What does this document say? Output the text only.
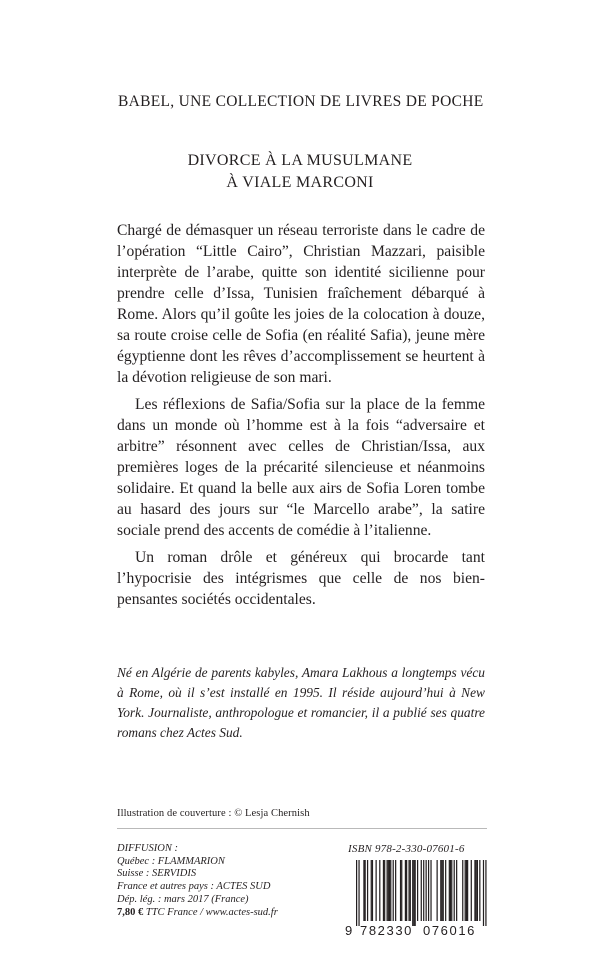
BABEL, UNE COLLECTION DE LIVRES DE POCHE
DIVORCE À LA MUSULMANE
À VIALE MARCONI

Chargé de démasquer un réseau terroriste dans le cadre de l’opération “Little Cairo”, Christian Mazzari, paisible interprète de l’arabe, quitte son identité sicilienne pour prendre celle d’Issa, Tunisien fraîchement débarqué à Rome. Alors qu’il goûte les joies de la colocation à douze, sa route croise celle de Sofia (en réalité Safia), jeune mère égyptienne dont les rêves d’accomplissement se heurtent à la dévotion religieuse de son mari.

Les réflexions de Safia/Sofia sur la place de la femme dans un monde où l’homme est à la fois “adversaire et arbitre” résonnent avec celles de Christian/Issa, aux premières loges de la précarité silencieuse et néanmoins solidaire. Et quand la belle aux airs de Sofia Loren tombe au hasard des jours sur “le Marcello arabe”, la satire sociale prend des accents de comédie à l’italienne.

Un roman drôle et généreux qui brocarde tant l’hypocrisie des intégrismes que celle de nos bien-pensantes sociétés occidentales.

Né en Algérie de parents kabyles, Amara Lakhous a longtemps vécu à Rome, où il s’est installé en 1995. Il réside aujourd’hui à New York. Journaliste, anthropologue et romancier, il a publié ses quatre romans chez Actes Sud.
Illustration de couverture : © Lesja Chernish
DIFFUSION :
Québec : FLAMMARION
Suisse : SERVIDIS
France et autres pays : ACTES SUD
Dép. lég. : mars 2017 (France)
7,80 € TTC France / www.actes-sud.fr
ISBN 978-2-330-07601-6
9 782330 076016
